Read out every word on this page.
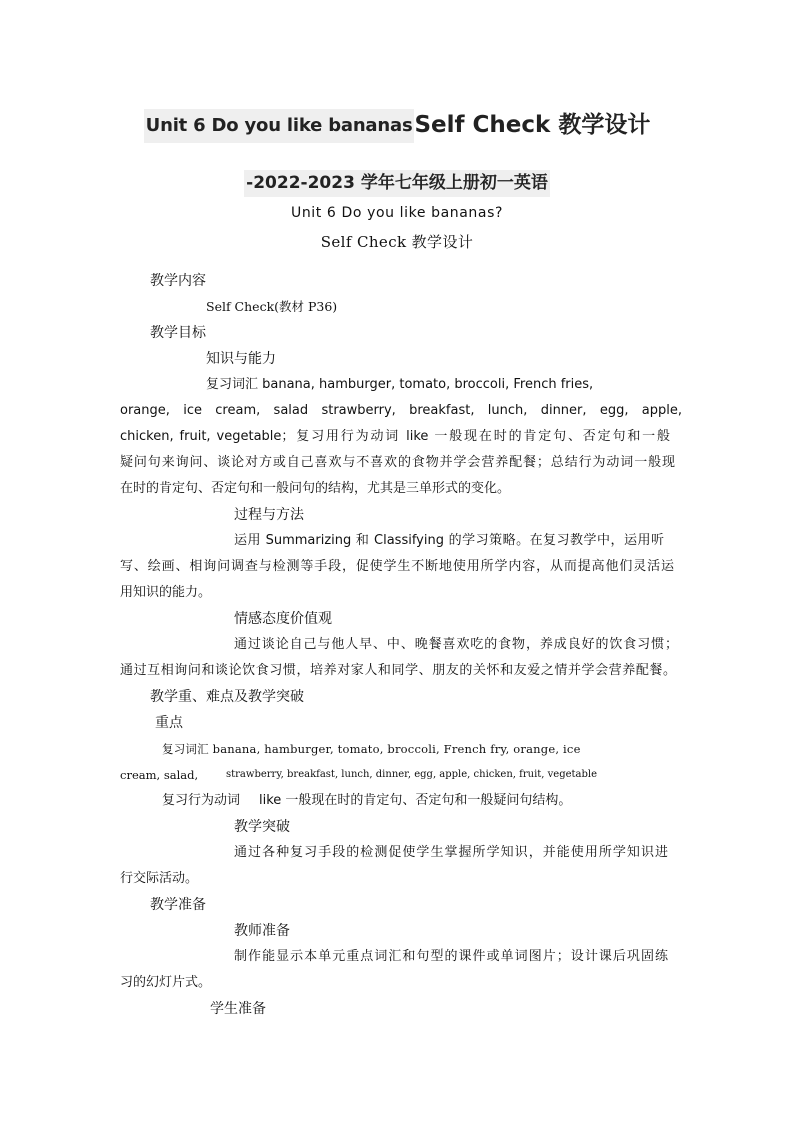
Unit 6 Do you like bananasSelf Check 教学设计
-2022-2023 学年七年级上册初一英语
Unit 6 Do you like bananas?
Self Check 教学设计
教学内容
Self Check(教材 P36)
教学目标
知识与能力
复习词汇 banana, hamburger, tomato, broccoli, French fries,
orange, ice cream, salad strawberry, breakfast, lunch, dinner, egg, apple,
chicken, fruit, vegetable；复习用行为动词 like 一般现在时的肯定句、否定句和一般
疑问句来询问、谈论对方或自己喜欢与不喜欢的食物并学会营养配餐；总结行为动词一般现
在时的肯定句、否定句和一般问句的结构，尤其是三单形式的变化。
过程与方法
运用 Summarizing 和 Classifying 的学习策略。在复习教学中，运用听
写、绘画、相询问调查与检测等手段，促使学生不断地使用所学内容，从而提高他们灵活运
用知识的能力。
情感态度价值观
通过谈论自己与他人早、中、晚餐喜欢吃的食物，养成良好的饮食习惯；
通过互相询问和谈论饮食习惯，培养对家人和同学、朋友的关怀和友爱之情并学会营养配餐。
教学重、难点及教学突破
重点
复习词汇 banana, hamburger, tomato, broccoli, French fry, orange, ice
cream, salad,	strawberry, breakfast, lunch, dinner, egg, apple, chicken, fruit, vegetable
复习行为动词 like 一般现在时的肯定句、否定句和一般疑问句结构。
教学突破
通过各种复习手段的检测促使学生掌握所学知识，并能使用所学知识进
行交际活动。
教学准备
教师准备
制作能显示本单元重点词汇和句型的课件或单词图片；设计课后巩固练
习的幻灯片式。
学生准备
